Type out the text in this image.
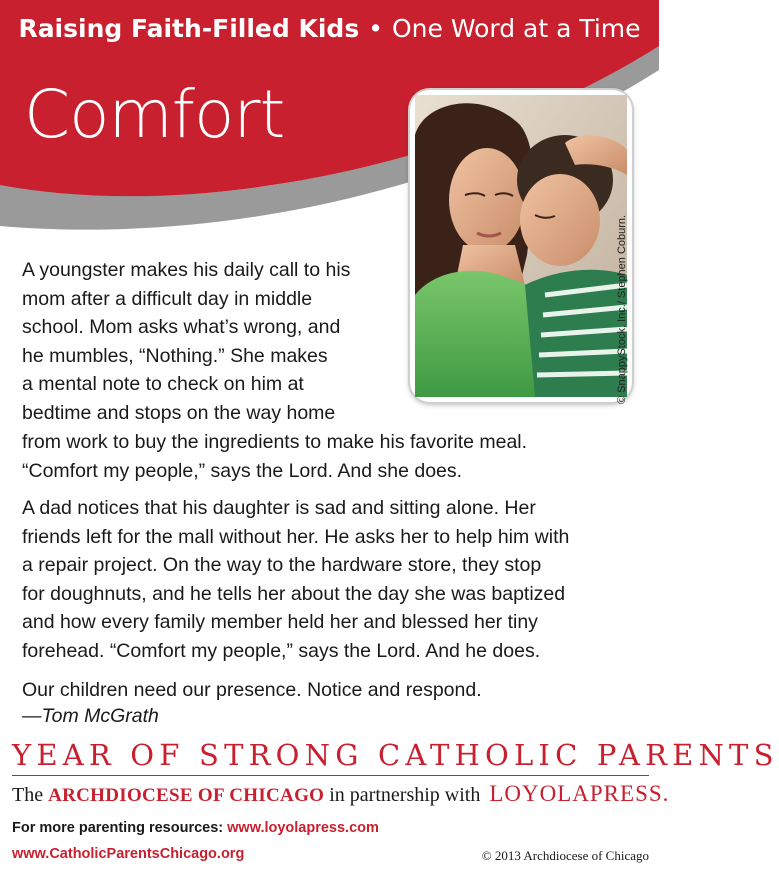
Raising Faith-Filled Kids • One Word at a Time
Comfort
© SnappyStock, Inc./ Stephen Coburn.
A youngster makes his daily call to his
mom after a difficult day in middle
school. Mom asks what’s wrong, and
he mumbles, “Nothing.” She makes
a mental note to check on him at
bedtime and stops on the way home
from work to buy the ingredients to make his favorite meal.
“Comfort my people,” says the Lord. And she does.
A dad notices that his daughter is sad and sitting alone. Her
friends left for the mall without her. He asks her to help him with
a repair project. On the way to the hardware store, they stop
for doughnuts, and he tells her about the day she was baptized
and how every family member held her and blessed her tiny
forehead. “Comfort my people,” says the Lord. And he does.
Our children need our presence. Notice and respond.
—Tom McGrath
YEAR OF STRONG CATHOLIC PARENTS
The ARCHDIOCESE OF CHICAGO in partnership with LOYOLAPRESS.
For more parenting resources: www.loyolapress.com
www.CatholicParentsChicago.org	© 2013 Archdiocese of Chicago
